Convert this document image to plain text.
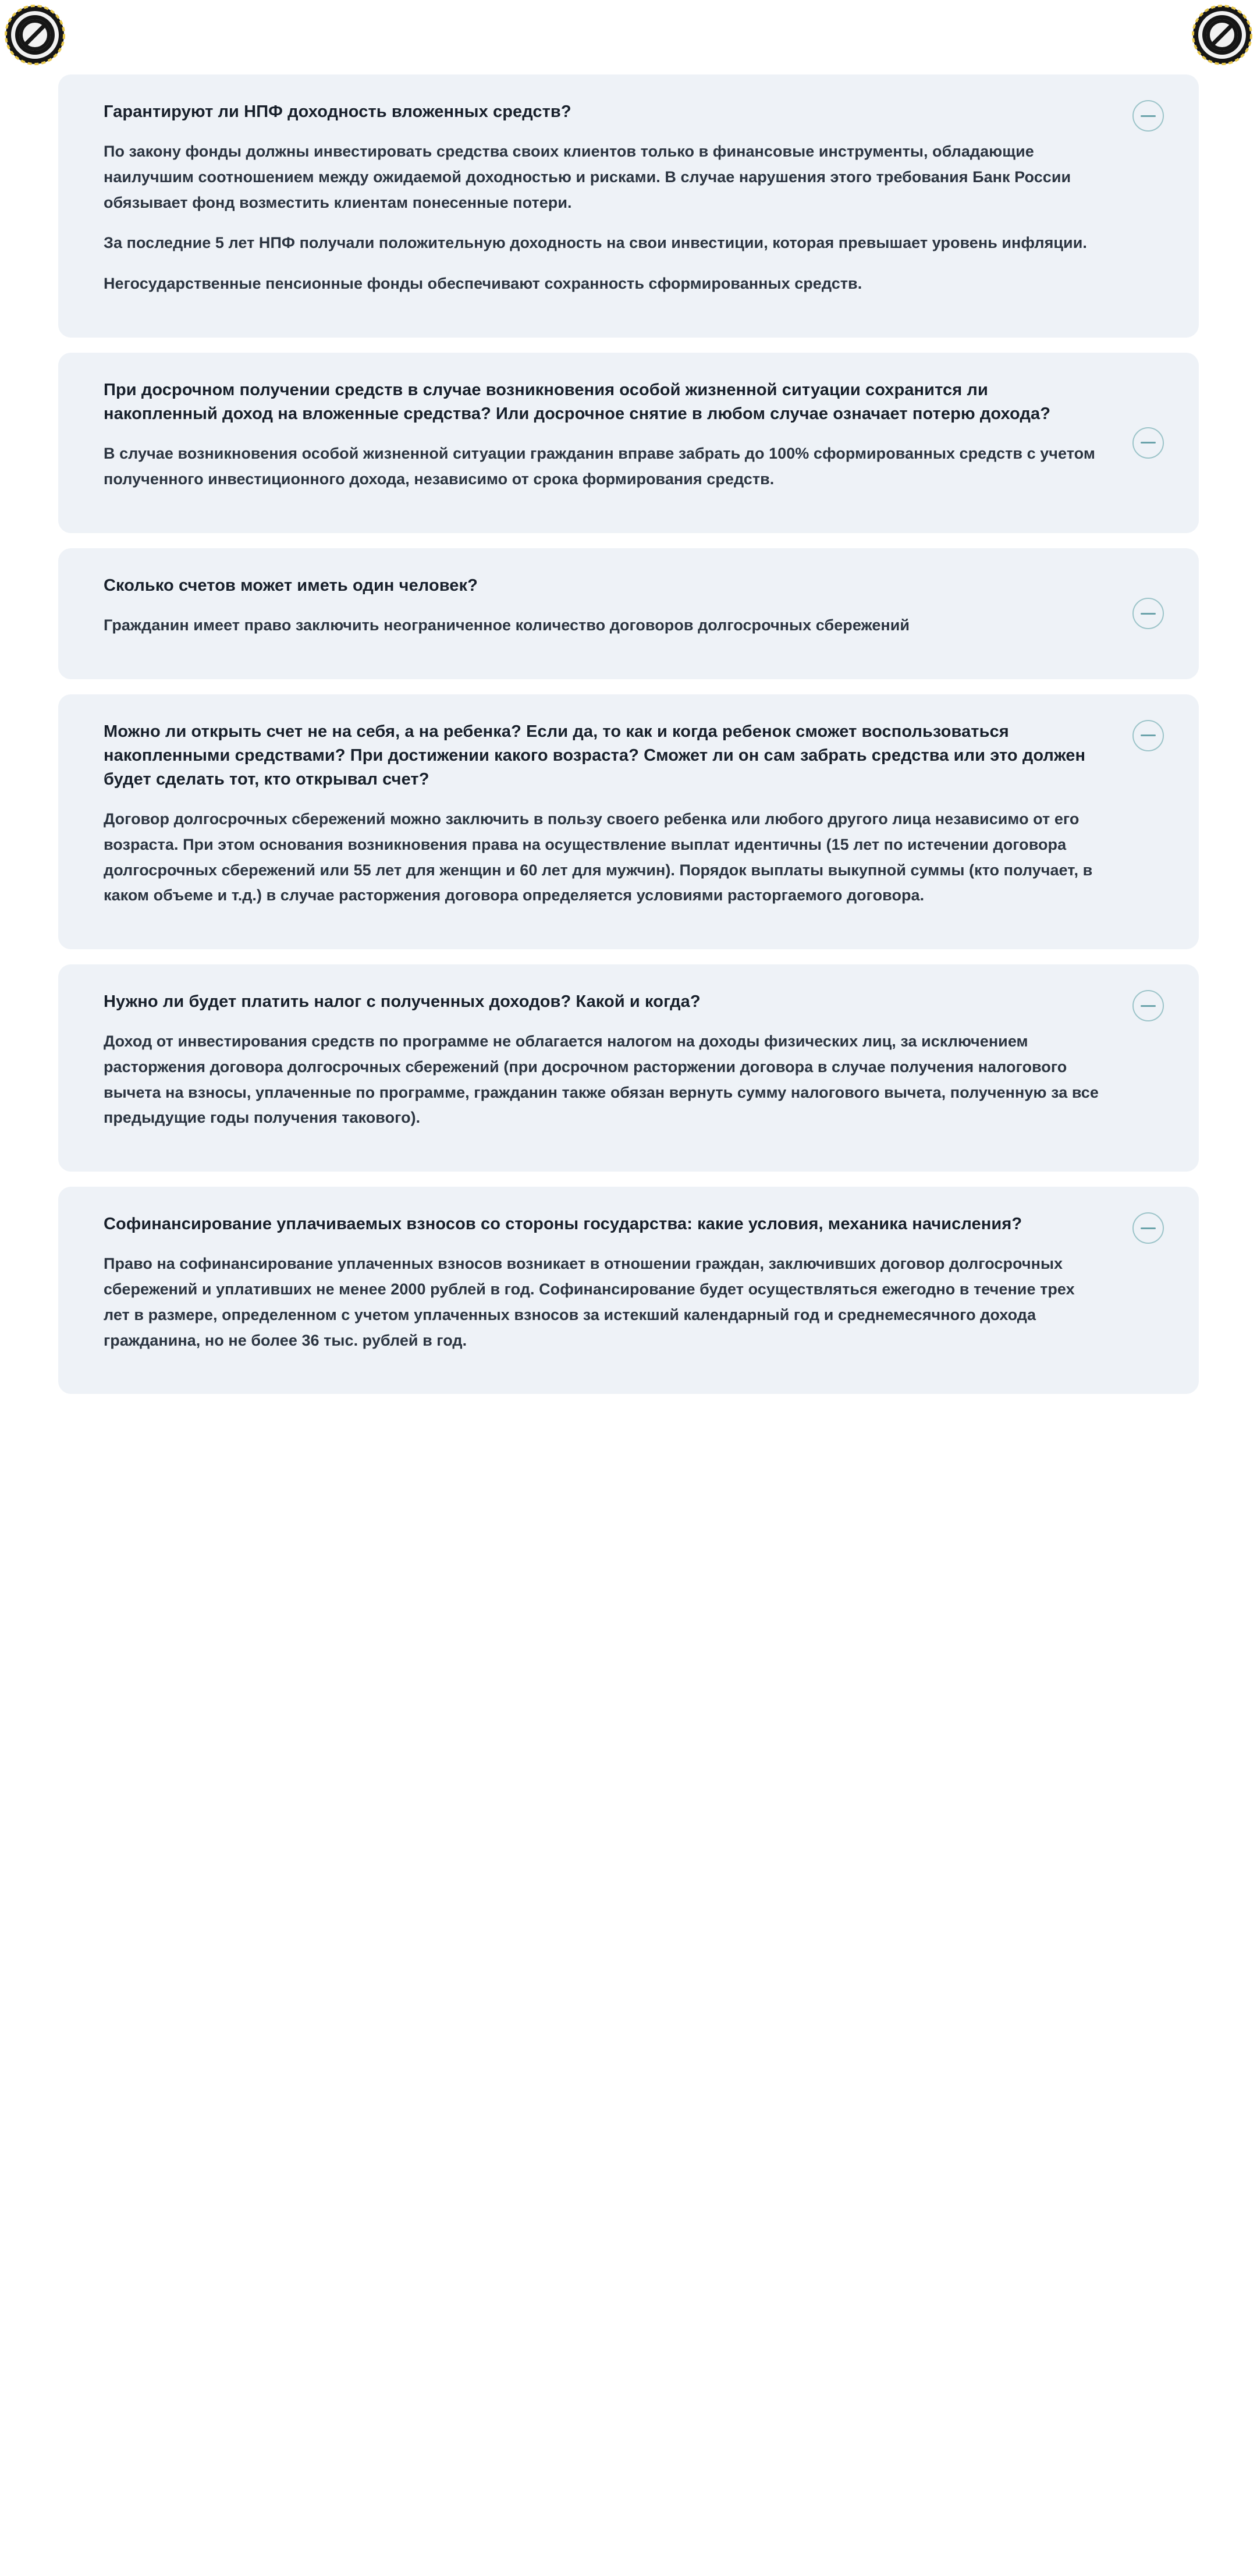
Гарантируют ли НПФ доходность вложенных средств?

По закону фонды должны инвестировать средства своих клиентов только в финансовые инструменты, обладающие наилучшим соотношением между ожидаемой доходностью и рисками. В случае нарушения этого требования Банк России обязывает фонд возместить клиентам понесенные потери.

За последние 5 лет НПФ получали положительную доходность на свои инвестиции, которая превышает уровень инфляции.

Негосударственные пенсионные фонды обеспечивают сохранность сформированных средств.

При досрочном получении средств в случае возникновения особой жизненной ситуации сохранится ли накопленный доход на вложенные средства? Или досрочное снятие в любом случае означает потерю дохода?

В случае возникновения особой жизненной ситуации гражданин вправе забрать до 100% сформированных средств с учетом полученного инвестиционного дохода, независимо от срока формирования средств.

Сколько счетов может иметь один человек?

Гражданин имеет право заключить неограниченное количество договоров долгосрочных сбережений

Можно ли открыть счет не на себя, а на ребенка? Если да, то как и когда ребенок сможет воспользоваться накопленными средствами? При достижении какого возраста? Сможет ли он сам забрать средства или это должен будет сделать тот, кто открывал счет?

Договор долгосрочных сбережений можно заключить в пользу своего ребенка или любого другого лица независимо от его возраста. При этом основания возникновения права на осуществление выплат идентичны (15 лет по истечении договора долгосрочных сбережений или 55 лет для женщин и 60 лет для мужчин). Порядок выплаты выкупной суммы (кто получает, в каком объеме и т.д.) в случае расторжения договора определяется условиями расторгаемого договора.

Нужно ли будет платить налог с полученных доходов? Какой и когда?

Доход от инвестирования средств по программе не облагается налогом на доходы физических лиц, за исключением расторжения договора долгосрочных сбережений (при досрочном расторжении договора в случае получения налогового вычета на взносы, уплаченные по программе, гражданин также обязан вернуть сумму налогового вычета, полученную за все предыдущие годы получения такового).

Софинансирование уплачиваемых взносов со стороны государства: какие условия, механика начисления?

Право на софинансирование уплаченных взносов возникает в отношении граждан, заключивших договор долгосрочных сбережений и уплативших не менее 2000 рублей в год. Софинансирование будет осуществляться ежегодно в течение трех лет в размере, определенном с учетом уплаченных взносов за истекший календарный год и среднемесячного дохода гражданина, но не более 36 тыс. рублей в год.
